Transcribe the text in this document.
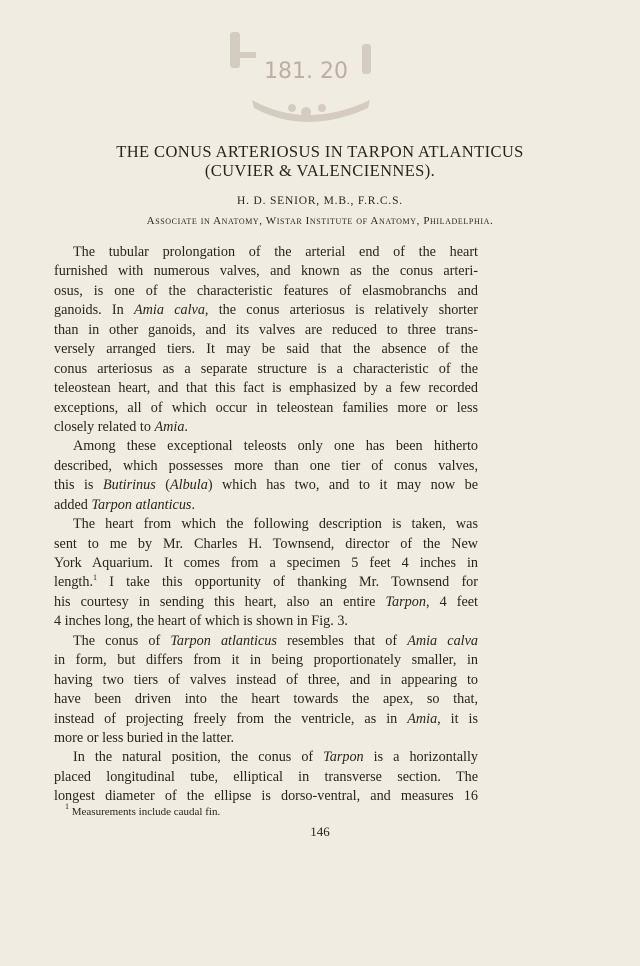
181. 20
THE CONUS ARTERIOSUS IN TARPON ATLANTICUS
(CUVIER & VALENCIENNES).
H. D. SENIOR, M.B., F.R.C.S.
Associate in Anatomy, Wistar Institute of Anatomy, Philadelphia.
The tubular prolongation of the arterial end of the heart
furnished with numerous valves, and known as the conus arteri-
osus, is one of the characteristic features of elasmobranchs and
ganoids. In Amia calva, the conus arteriosus is relatively shorter
than in other ganoids, and its valves are reduced to three trans-
versely arranged tiers. It may be said that the absence of the
conus arteriosus as a separate structure is a characteristic of the
teleostean heart, and that this fact is emphasized by a few recorded
exceptions, all of which occur in teleostean families more or less
closely related to Amia.
Among these exceptional teleosts only one has been hitherto
described, which possesses more than one tier of conus valves,
this is Butirinus (Albula) which has two, and to it may now be
added Tarpon atlanticus.
The heart from which the following description is taken, was
sent to me by Mr. Charles H. Townsend, director of the New
York Aquarium. It comes from a specimen 5 feet 4 inches in
length.$^1$ I take this opportunity of thanking Mr. Townsend for
his courtesy in sending this heart, also an entire Tarpon, 4 feet
4 inches long, the heart of which is shown in Fig. 3.
The conus of Tarpon atlanticus resembles that of Amia calva
in form, but differs from it in being proportionately smaller, in
having two tiers of valves instead of three, and in appearing to
have been driven into the heart towards the apex, so that,
instead of projecting freely from the ventricle, as in Amia, it is
more or less buried in the latter.
In the natural position, the conus of Tarpon is a horizontally
placed longitudinal tube, elliptical in transverse section. The
longest diameter of the ellipse is dorso-ventral, and measures 16
$^1$ Measurements include caudal fin.
146
